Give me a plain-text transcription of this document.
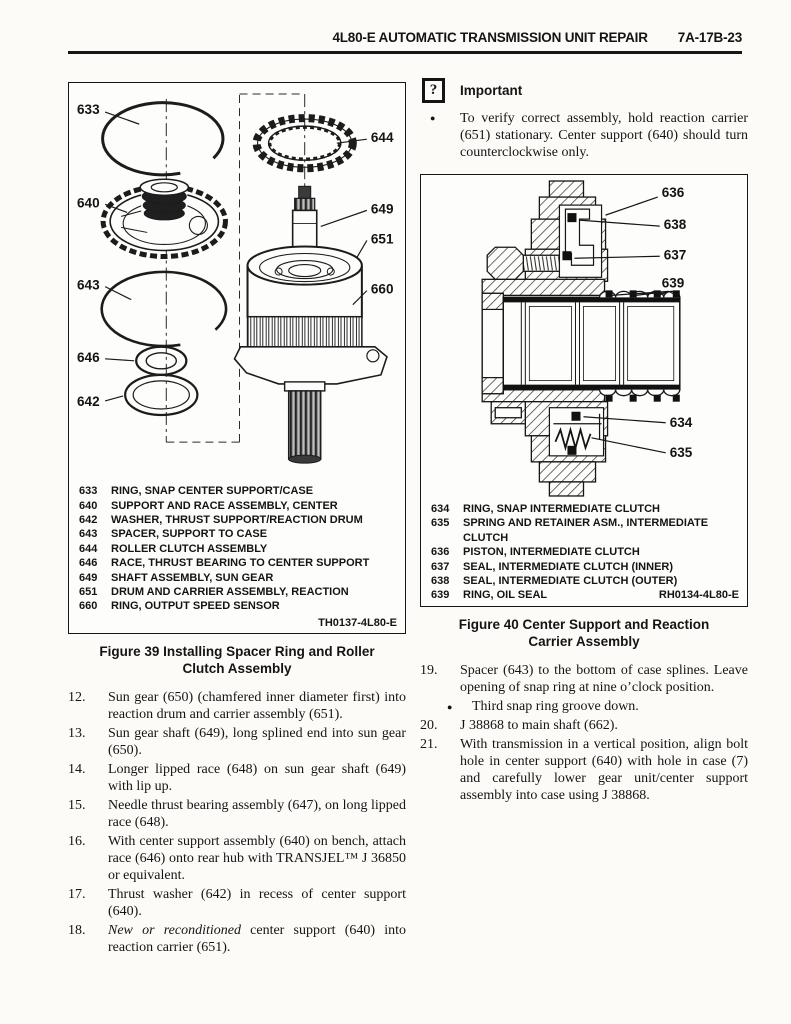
4L80-E AUTOMATIC TRANSMISSION UNIT REPAIR 7A-17B-23
633
640
643
646
642
644
649
651
660
633	RING, SNAP CENTER SUPPORT/CASE
640	SUPPORT AND RACE ASSEMBLY, CENTER
642	WASHER, THRUST SUPPORT/REACTION DRUM
643	SPACER, SUPPORT TO CASE
644	ROLLER CLUTCH ASSEMBLY
646	RACE, THRUST BEARING TO CENTER SUPPORT
649	SHAFT ASSEMBLY, SUN GEAR
651	DRUM AND CARRIER ASSEMBLY, REACTION
660	RING, OUTPUT SPEED SENSOR
TH0137-4L80-E
Figure 39 Installing Spacer Ring and Roller Clutch Assembly
12.	Sun gear (650) (chamfered inner diameter first) into reaction drum and carrier assembly (651).
13.	Sun gear shaft (649), long splined end into sun gear (650).
14.	Longer lipped race (648) on sun gear shaft (649) with lip up.
15.	Needle thrust bearing assembly (647), on long lipped race (648).
16.	With center support assembly (640) on bench, attach race (646) onto rear hub with TRANSJEL™ J 36850 or equivalent.
17.	Thrust washer (642) in recess of center support (640).
18.	New or reconditioned center support (640) into reaction carrier (651).
?	Important
●	To verify correct assembly, hold reaction carrier (651) stationary. Center support (640) should turn counterclockwise only.
636
638
637
639
634
635
634	RING, SNAP INTERMEDIATE CLUTCH
635	SPRING AND RETAINER ASM., INTERMEDIATE CLUTCH
636	PISTON, INTERMEDIATE CLUTCH
637	SEAL, INTERMEDIATE CLUTCH (INNER)
638	SEAL, INTERMEDIATE CLUTCH (OUTER)
639	RING, OIL SEAL	RH0134-4L80-E
Figure 40 Center Support and Reaction Carrier Assembly
19.	Spacer (643) to the bottom of case splines. Leave opening of snap ring at nine o’clock position.
●	Third snap ring groove down.
20.	J 38868 to main shaft (662).
21.	With transmission in a vertical position, align bolt hole in center support (640) with hole in case (7) and carefully lower gear unit/center support assembly into case using J 38868.
